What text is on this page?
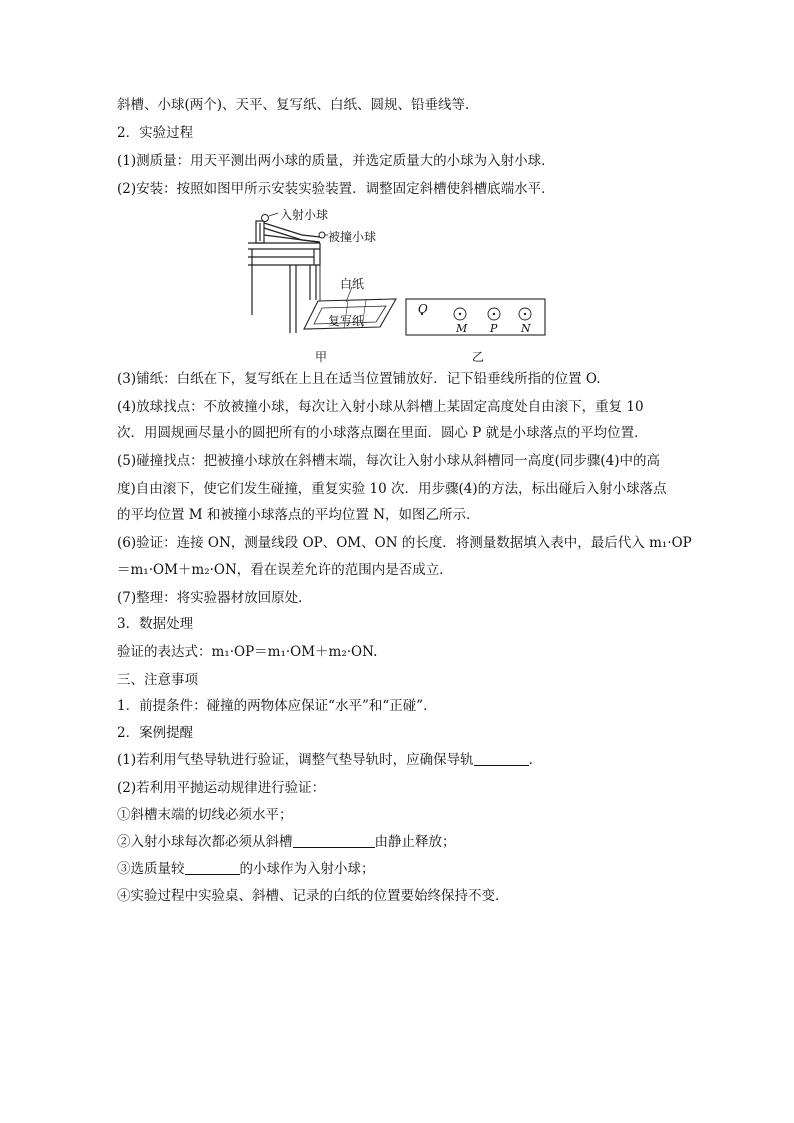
斜槽、小球(两个)、天平、复写纸、白纸、圆规、铅垂线等．
2．实验过程
(1)测质量：用天平测出两小球的质量，并选定质量大的小球为入射小球．
(2)安装：按照如图甲所示安装实验装置．调整固定斜槽使斜槽底端水平．
入射小球
被撞小球
白纸
复写纸
甲
O
M P N
乙
(3)铺纸：白纸在下，复写纸在上且在适当位置铺放好．记下铅垂线所指的位置 O.
(4)放球找点：不放被撞小球，每次让入射小球从斜槽上某固定高度处自由滚下，重复 10
次．用圆规画尽量小的圆把所有的小球落点圈在里面．圆心 P 就是小球落点的平均位置．
(5)碰撞找点：把被撞小球放在斜槽末端，每次让入射小球从斜槽同一高度(同步骤(4)中的高
度)自由滚下，使它们发生碰撞，重复实验 10 次．用步骤(4)的方法，标出碰后入射小球落点
的平均位置 M 和被撞小球落点的平均位置 N，如图乙所示．
(6)验证：连接 ON，测量线段 OP、OM、ON 的长度．将测量数据填入表中，最后代入 m₁·OP
＝m₁·OM＋m₂·ON，看在误差允许的范围内是否成立．
(7)整理：将实验器材放回原处．
3．数据处理
验证的表达式：m₁·OP＝m₁·OM＋m₂·ON.
三、注意事项
1．前提条件：碰撞的两物体应保证“水平”和“正碰”．
2．案例提醒
(1)若利用气垫导轨进行验证，调整气垫导轨时，应确保导轨	．
(2)若利用平抛运动规律进行验证：
①斜槽末端的切线必须水平；
②入射小球每次都必须从斜槽	由静止释放；
③选质量较	的小球作为入射小球；
④实验过程中实验桌、斜槽、记录的白纸的位置要始终保持不变．
